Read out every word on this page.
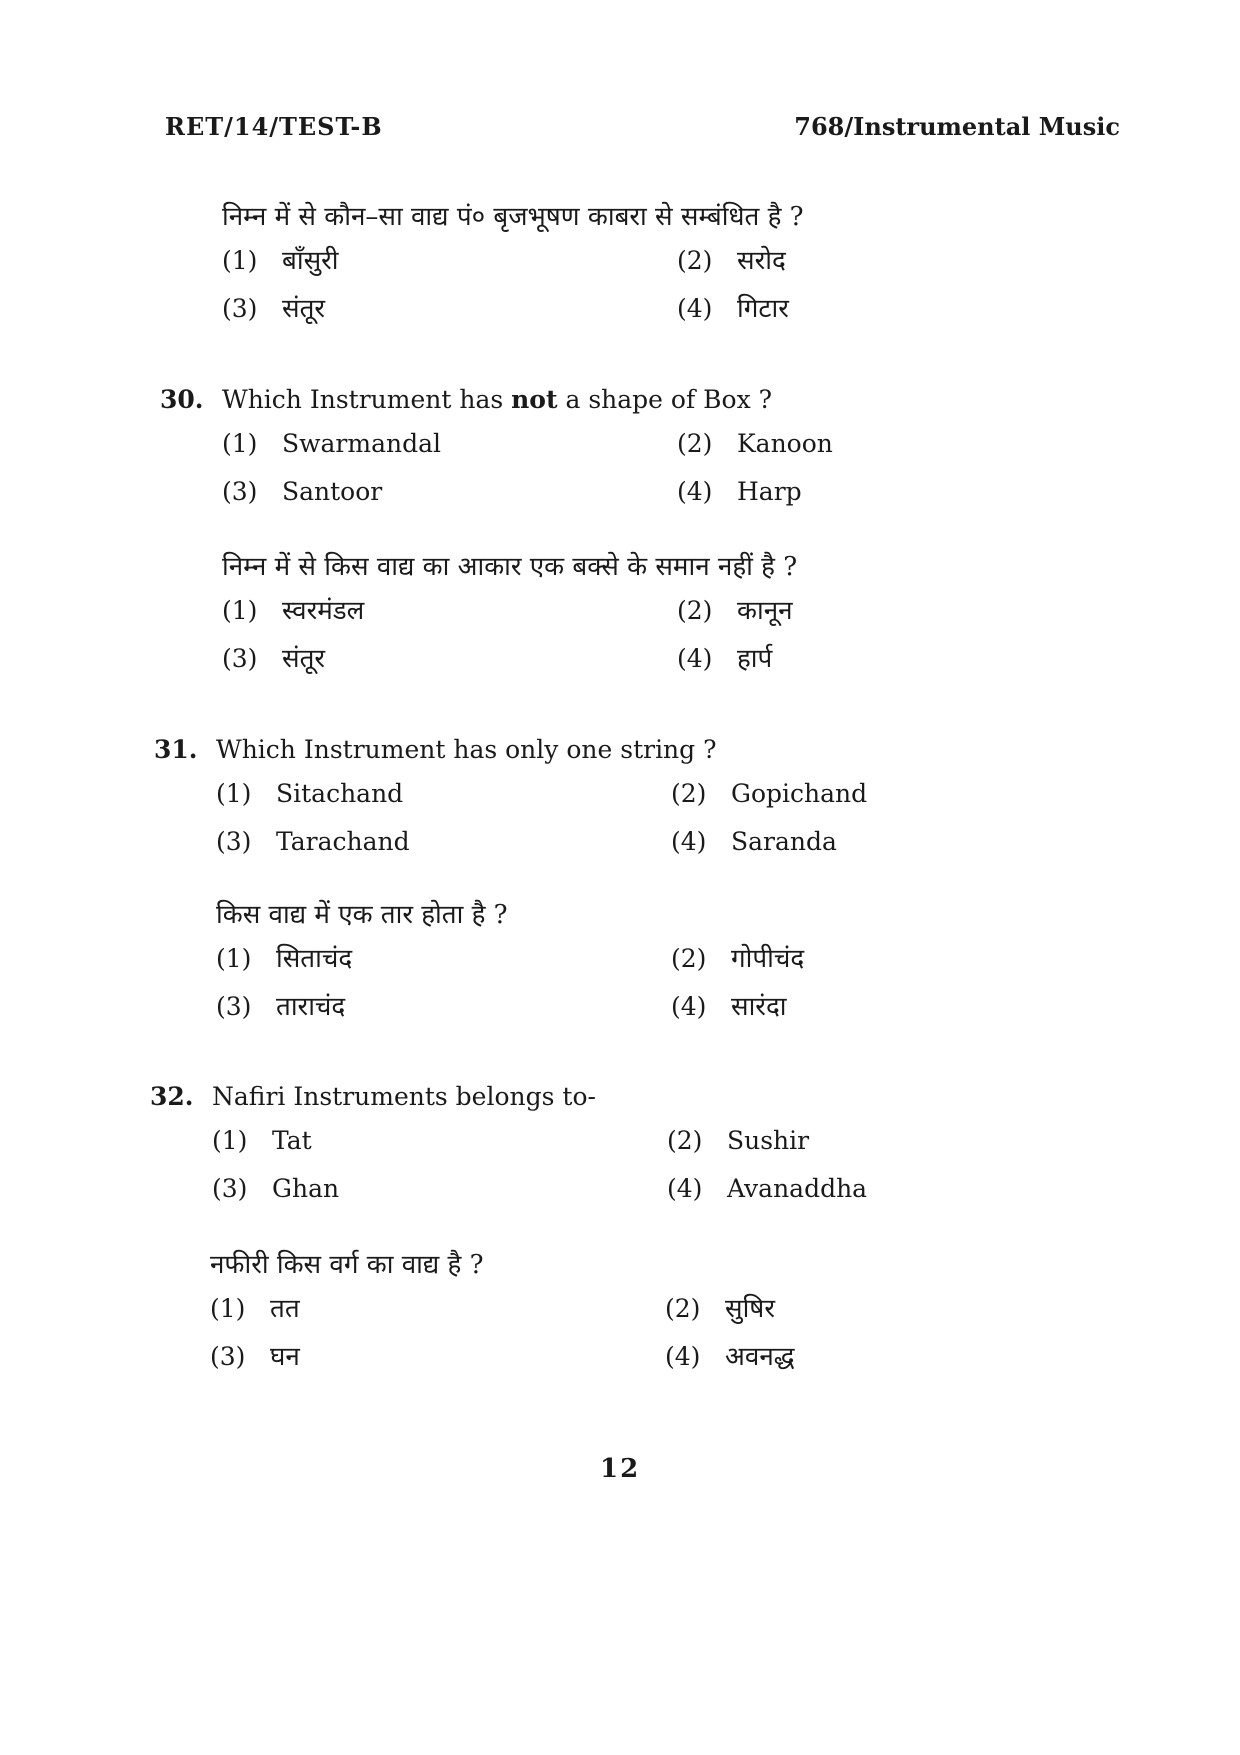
RET/14/TEST-B	768/Instrumental Music
निम्न में से कौन–सा वाद्य पं० बृजभूषण काबरा से सम्बंधित है ?
(1) बाँसुरी	(2) सरोद
(3) संतूर	(4) गिटार
30. Which Instrument has not a shape of Box ?
(1) Swarmandal	(2) Kanoon
(3) Santoor	(4) Harp
निम्न में से किस वाद्य का आकार एक बक्से के समान नहीं है ?
(1) स्वरमंडल	(2) कानून
(3) संतूर	(4) हार्प
31. Which Instrument has only one string ?
(1) Sitachand	(2) Gopichand
(3) Tarachand	(4) Saranda
किस वाद्य में एक तार होता है ?
(1) सिताचंद	(2) गोपीचंद
(3) ताराचंद	(4) सारंदा
32. Nafiri Instruments belongs to-
(1) Tat	(2) Sushir
(3) Ghan	(4) Avanaddha
नफीरी किस वर्ग का वाद्य है ?
(1) तत	(2) सुषिर
(3) घन	(4) अवनद्ध
12
